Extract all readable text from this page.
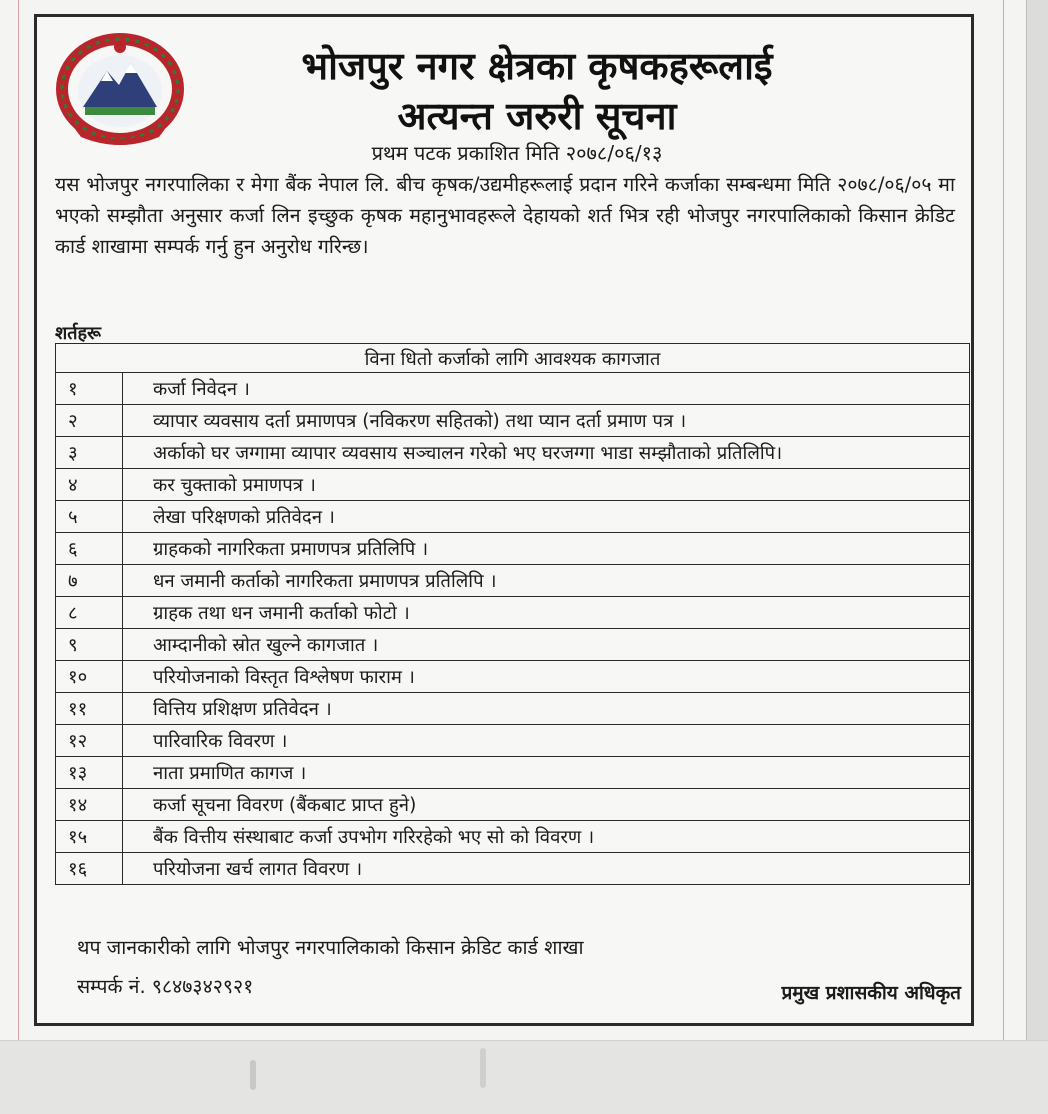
भोजपुर नगर क्षेत्रका कृषकहरूलाई
अत्यन्त जरुरी सूचना
प्रथम पटक प्रकाशित मिति २०७८/०६/१३
यस भोजपुर नगरपालिका र मेगा बैंक नेपाल लि. बीच कृषक/उद्यमीहरूलाई प्रदान गरिने कर्जाका सम्बन्धमा मिति २०७८/०६/०५ मा भएको सम्झौता अनुसार कर्जा लिन इच्छुक कृषक महानुभावहरूले देहायको शर्त भित्र रही भोजपुर नगरपालिकाको किसान क्रेडिट कार्ड शाखामा सम्पर्क गर्नु हुन अनुरोध गरिन्छ।
शर्तहरू
विना धितो कर्जाको लागि आवश्यक कागजात	
१	कर्जा निवेदन ।
२	व्यापार व्यवसाय दर्ता प्रमाणपत्र (नविकरण सहितको) तथा प्यान दर्ता प्रमाण पत्र ।
३	अर्काको घर जग्गामा व्यापार व्यवसाय सञ्चालन गरेको भए घरजग्गा भाडा सम्झौताको प्रतिलिपि।
४	कर चुक्ताको प्रमाणपत्र ।
५	लेखा परिक्षणको प्रतिवेदन ।
६	ग्राहकको नागरिकता प्रमाणपत्र प्रतिलिपि ।
७	धन जमानी कर्ताको नागरिकता प्रमाणपत्र प्रतिलिपि ।
८	ग्राहक तथा धन जमानी कर्ताको फोटो ।
९	आम्दानीको स्रोत खुल्ने कागजात ।
१०	परियोजनाको विस्तृत विश्लेषण फाराम ।
११	वित्तिय प्रशिक्षण प्रतिवेदन ।
१२	पारिवारिक विवरण ।
१३	नाता प्रमाणित कागज ।
१४	कर्जा सूचना विवरण (बैंकबाट प्राप्त हुने)
१५	बैंक वित्तीय संस्थाबाट कर्जा उपभोग गरिरहेको भए सो को विवरण ।
१६	परियोजना खर्च लागत विवरण ।
थप जानकारीको लागि भोजपुर नगरपालिकाको किसान क्रेडिट कार्ड शाखा
सम्पर्क नं. ९८४७३४२९२१	प्रमुख प्रशासकीय अधिकृत
